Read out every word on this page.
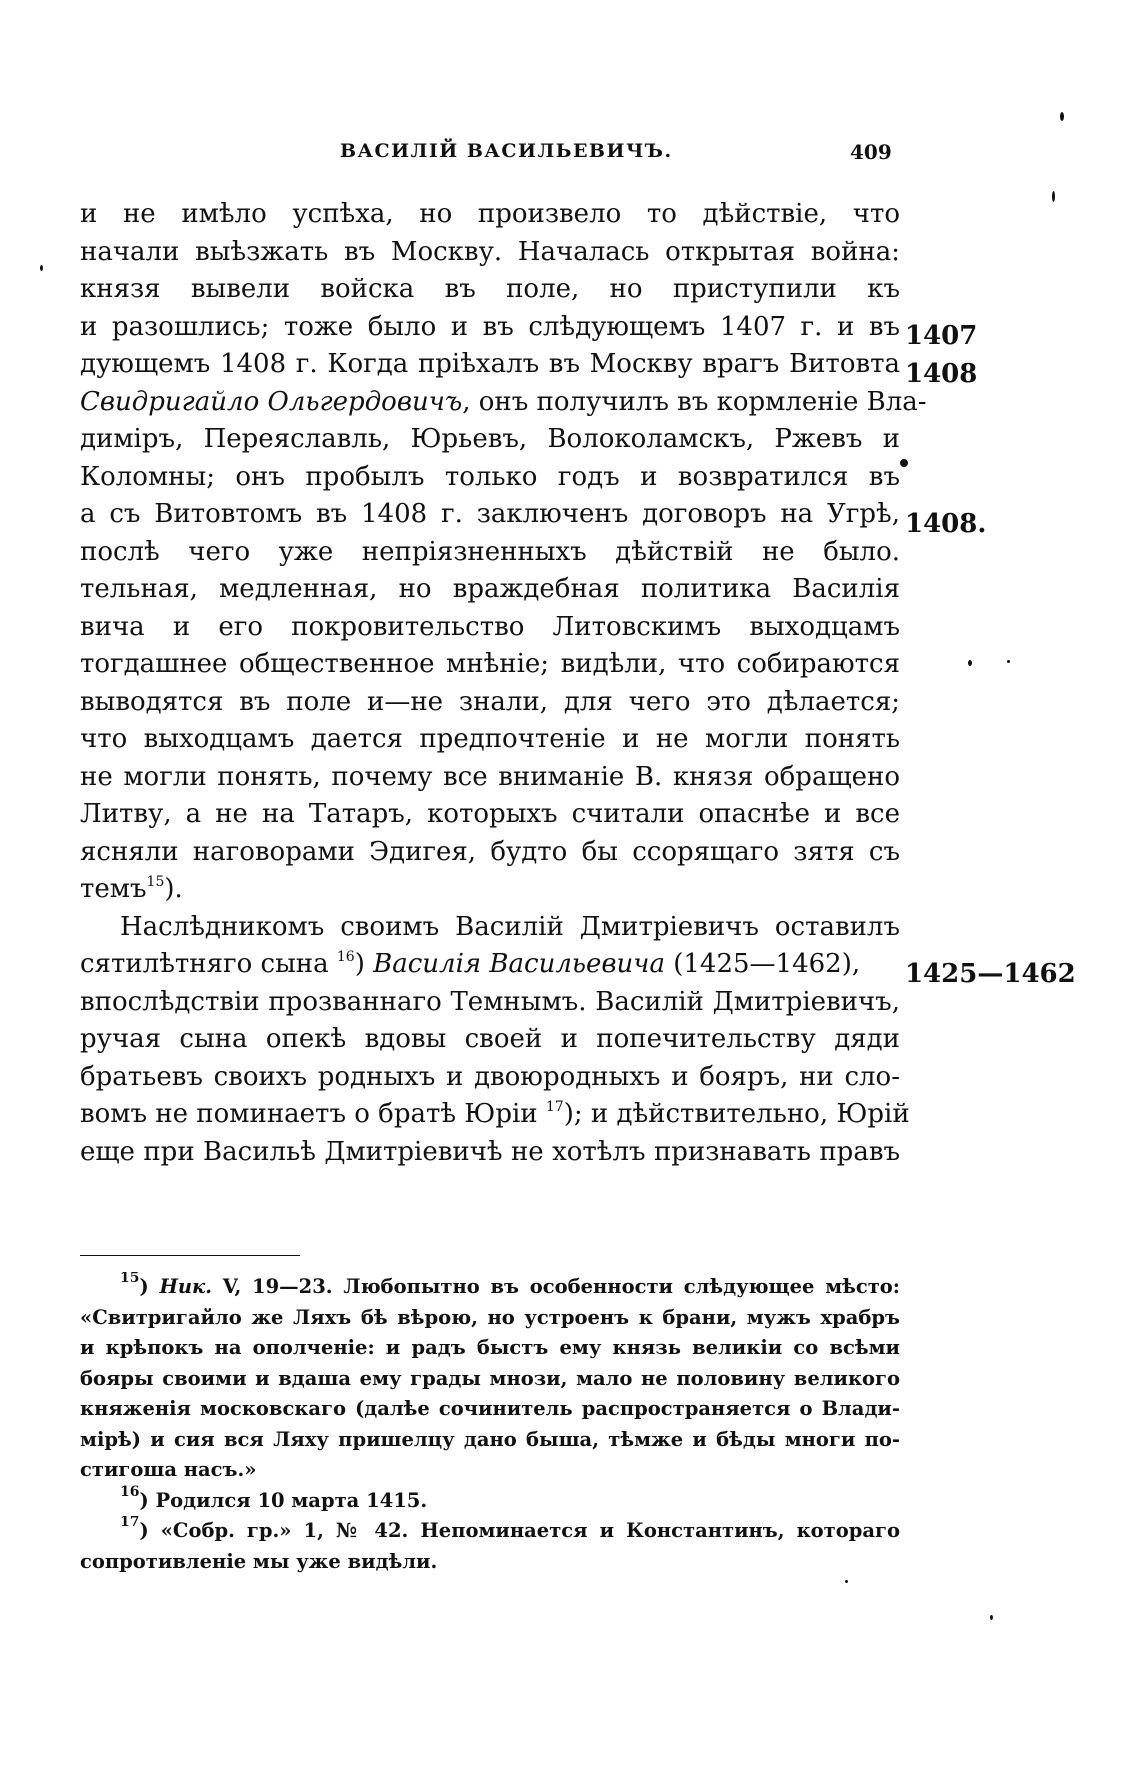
ВАСИЛІЙ ВАСИЛЬЕВИЧЪ.	409
и не имѣло успѣха, но произвело то дѣйствіе, что
начали выѣзжать въ Москву. Началась открытая война:
князя вывели войска въ поле, но приступили къ
и разошлись; тоже было и въ слѣдующемъ 1407 г. и въ
дующемъ 1408 г. Когда пріѣхалъ въ Москву врагъ Витовта
Свидригайло Ольгердовичъ, онъ получилъ въ кормленіе Вла-
диміръ, Переяславль, Юрьевъ, Волоколамскъ, Ржевъ и
Коломны; онъ пробылъ только годъ и возвратился въ
а съ Витовтомъ въ 1408 г. заключенъ договоръ на Угрѣ,
послѣ чего уже непріязненныхъ дѣйствій не было.
тельная, медленная, но враждебная политика Василія
вича и его покровительство Литовскимъ выходцамъ
тогдашнее общественное мнѣніе; видѣли, что собираются
выводятся въ поле и—не знали, для чего это дѣлается;
что выходцамъ дается предпочтеніе и не могли понять
не могли понять, почему все вниманіе В. князя обращено
Литву, а не на Татаръ, которыхъ считали опаснѣе и все
ясняли наговорами Эдигея, будто бы ссорящаго зятя съ
темъ$^{15}$).
Наслѣдникомъ своимъ Василій Дмитріевичъ оставилъ
сятилѣтняго сына $^{16}$) Василія Васильевича (1425—1462),
впослѣдствіи прозваннаго Темнымъ. Василій Дмитріевичъ,
ручая сына опекѣ вдовы своей и попечительству дяди
братьевъ своихъ родныхъ и двоюродныхъ и бояръ, ни сло-
вомъ не поминаетъ о братѣ Юріи $^{17}$); и дѣйствительно, Юрій
еще при Васильѣ Дмитріевичѣ не хотѣлъ признавать правъ
1407
1408
1408.
1425—1462
$^{15}$) Ник. V, 19—23. Любопытно въ особенности слѣдующее мѣсто:
«Свитригайло же Ляхъ бѣ вѣрою, но устроенъ к брани, мужъ храбръ
и крѣпокъ на ополченіе: и радъ быстъ ему князь великіи со всѣми
бояры своими и вдаша ему грады мнози, мало не половину великого
княженія московскаго (далѣе сочинитель распространяется о Влади-
мірѣ) и сия вся Ляху пришелцу дано быша, тѣмже и бѣды многи по-
стигоша насъ.»
$^{16}$) Родился 10 марта 1415.
$^{17}$) «Собр. гр.» 1, № 42. Непоминается и Константинъ, котораго
сопротивленіе мы уже видѣли.
